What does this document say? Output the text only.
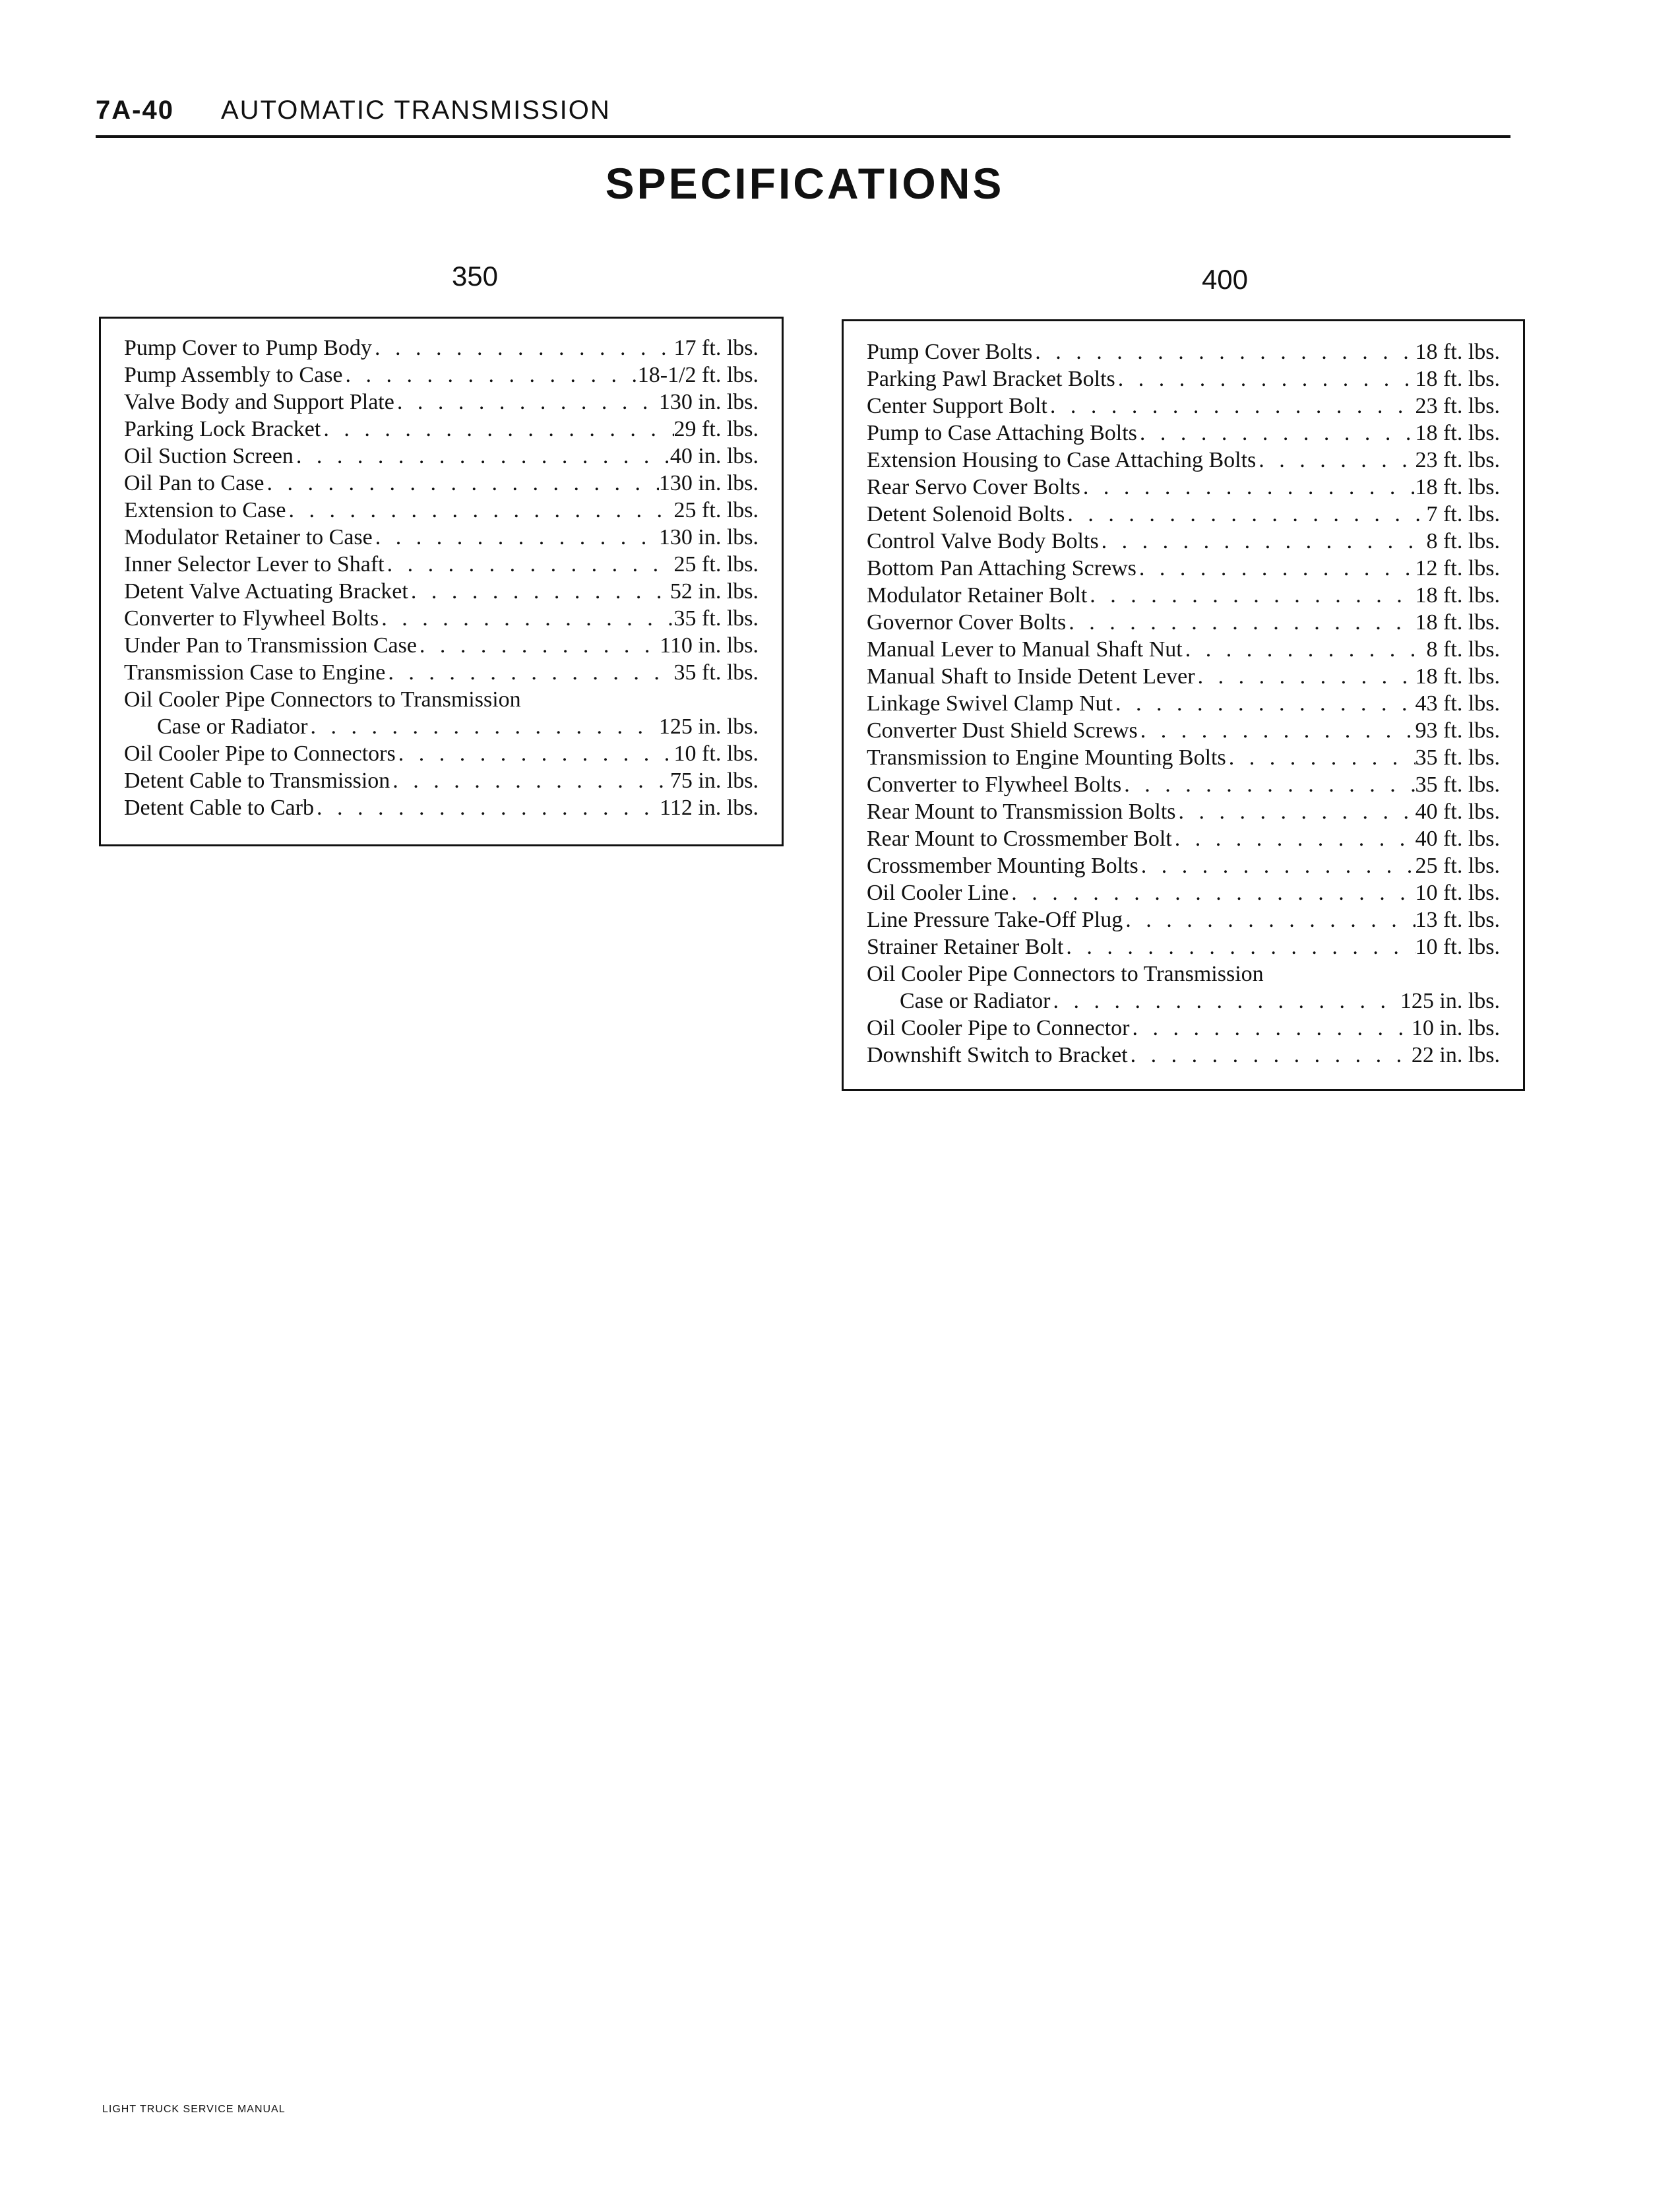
7A-40 AUTOMATIC TRANSMISSION
SPECIFICATIONS
350	400
Pump Cover to Pump Body . . .	17 ft. lbs.
Pump Assembly to Case . . .	18-1/2 ft. lbs.
Valve Body and Support Plate . . .	130 in. lbs.
Parking Lock Bracket . . .	29 ft. lbs.
Oil Suction Screen . . .	40 in. lbs.
Oil Pan to Case . . .	130 in. lbs.
Extension to Case . . .	25 ft. lbs.
Modulator Retainer to Case . . .	130 in. lbs.
Inner Selector Lever to Shaft . . .	25 ft. lbs.
Detent Valve Actuating Bracket . . .	52 in. lbs.
Converter to Flywheel Bolts . . .	35 ft. lbs.
Under Pan to Transmission Case . . .	110 in. lbs.
Transmission Case to Engine . . .	35 ft. lbs.
Oil Cooler Pipe Connectors to Transmission
Case or Radiator . . .	125 in. lbs.
Oil Cooler Pipe to Connectors . . .	10 ft. lbs.
Detent Cable to Transmission . . .	75 in. lbs.
Detent Cable to Carb . . .	112 in. lbs.
Pump Cover Bolts . . .	18 ft. lbs.
Parking Pawl Bracket Bolts . . .	18 ft. lbs.
Center Support Bolt . . .	23 ft. lbs.
Pump to Case Attaching Bolts . . .	18 ft. lbs.
Extension Housing to Case Attaching Bolts . . .	23 ft. lbs.
Rear Servo Cover Bolts . . .	18 ft. lbs.
Detent Solenoid Bolts . . .	7 ft. lbs.
Control Valve Body Bolts . . .	8 ft. lbs.
Bottom Pan Attaching Screws . . .	12 ft. lbs.
Modulator Retainer Bolt . . .	18 ft. lbs.
Governor Cover Bolts . . .	18 ft. lbs.
Manual Lever to Manual Shaft Nut . . .	8 ft. lbs.
Manual Shaft to Inside Detent Lever . . .	18 ft. lbs.
Linkage Swivel Clamp Nut . . .	43 ft. lbs.
Converter Dust Shield Screws . . .	93 ft. lbs.
Transmission to Engine Mounting Bolts . . .	35 ft. lbs.
Converter to Flywheel Bolts . . .	35 ft. lbs.
Rear Mount to Transmission Bolts . . .	40 ft. lbs.
Rear Mount to Crossmember Bolt . . .	40 ft. lbs.
Crossmember Mounting Bolts . . .	25 ft. lbs.
Oil Cooler Line . . .	10 ft. lbs.
Line Pressure Take-Off Plug . . .	13 ft. lbs.
Strainer Retainer Bolt . . .	10 ft. lbs.
Oil Cooler Pipe Connectors to Transmission
Case or Radiator . . .	125 in. lbs.
Oil Cooler Pipe to Connector . . .	10 in. lbs.
Downshift Switch to Bracket . . .	22 in. lbs.
LIGHT TRUCK SERVICE MANUAL
